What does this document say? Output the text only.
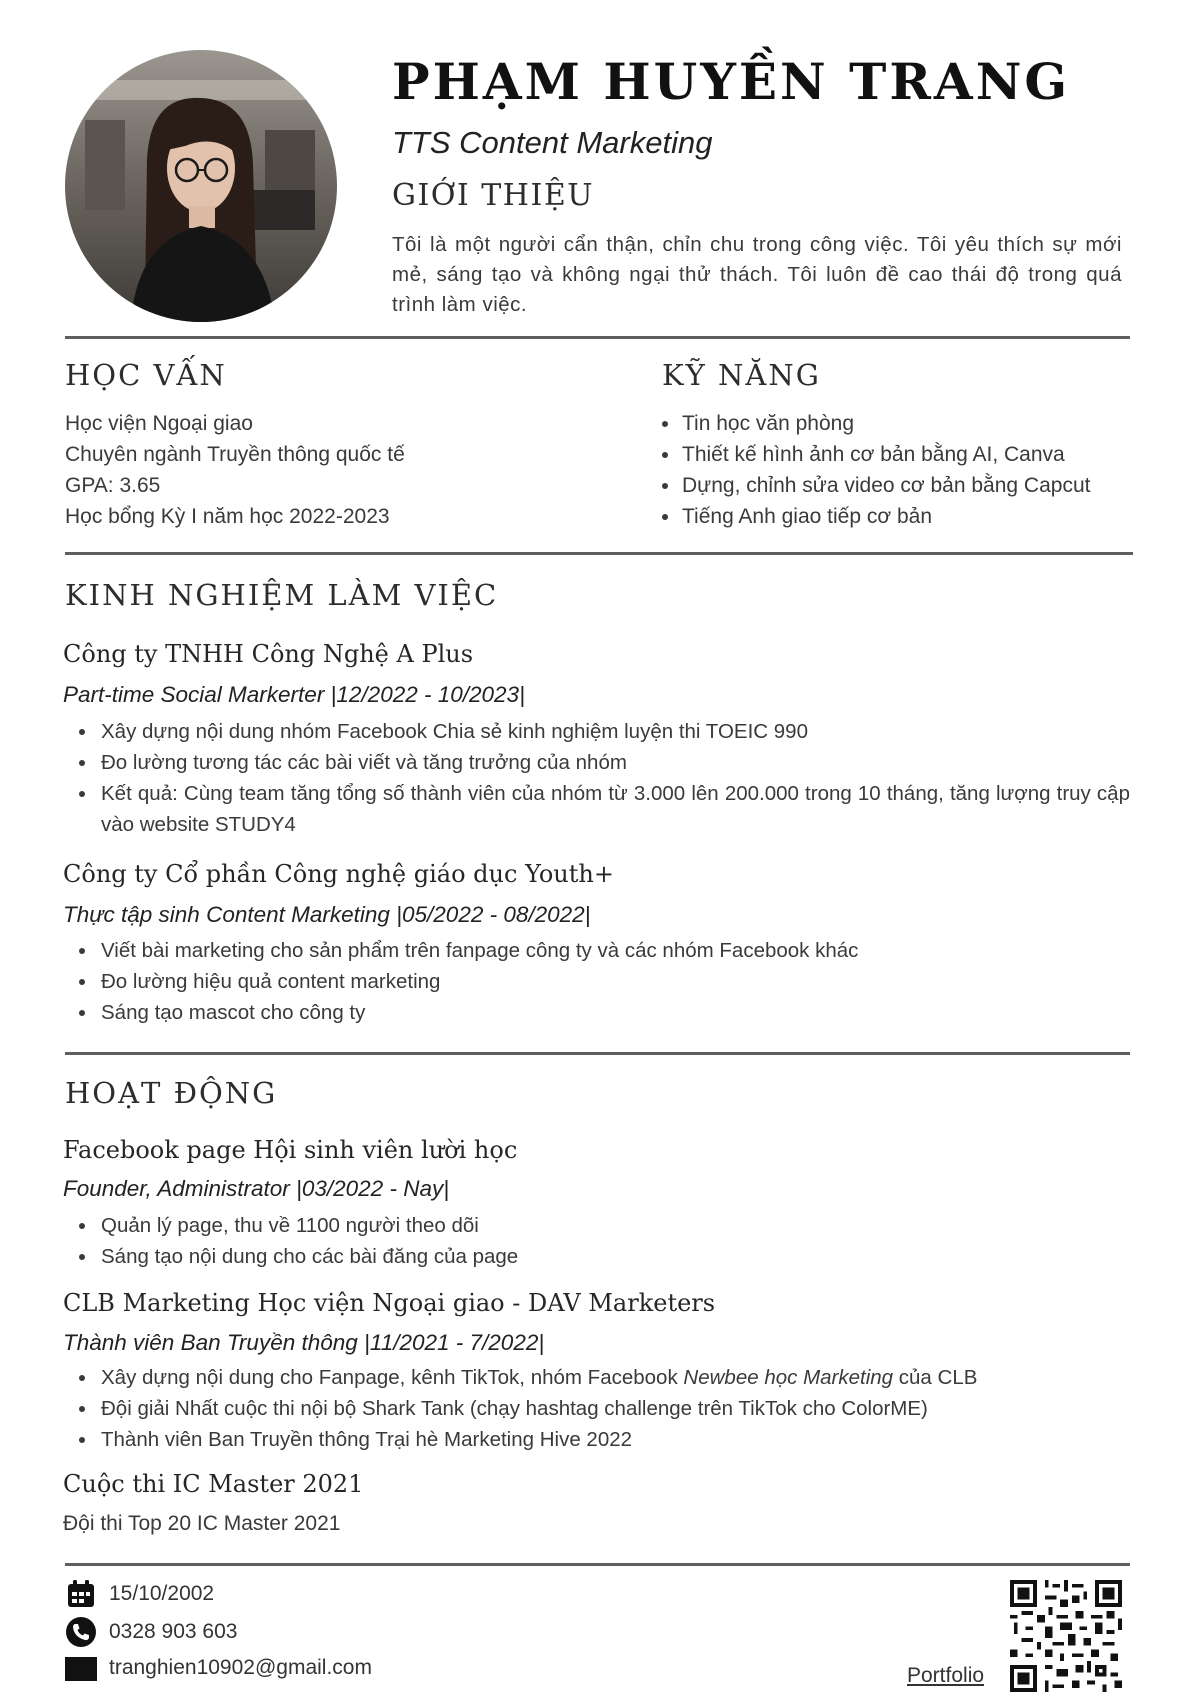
PHẠM HUYỀN TRANG
TTS Content Marketing
GIỚI THIỆU

Tôi là một người cẩn thận, chỉn chu trong công việc. Tôi yêu thích sự mới mẻ, sáng tạo và không ngại thử thách. Tôi luôn đề cao thái độ trong quá trình làm việc.

HỌC VẤN
Học viện Ngoại giao
Chuyên ngành Truyền thông quốc tế
GPA: 3.65
Học bổng Kỳ I năm học 2022-2023
KỸ NĂNG
Tin học văn phòng
Thiết kế hình ảnh cơ bản bằng AI, Canva
Dựng, chỉnh sửa video cơ bản bằng Capcut
Tiếng Anh giao tiếp cơ bản
KINH NGHIỆM LÀM VIỆC
Công ty TNHH Công Nghệ A Plus
Part-time Social Markerter |12/2022 - 10/2023|
Xây dựng nội dung nhóm Facebook Chia sẻ kinh nghiệm luyện thi TOEIC 990
Đo lường tương tác các bài viết và tăng trưởng của nhóm
Kết quả: Cùng team tăng tổng số thành viên của nhóm từ 3.000 lên 200.000 trong 10 tháng, tăng lượng truy cập vào website STUDY4
Công ty Cổ phần Công nghệ giáo dục Youth+
Thực tập sinh Content Marketing |05/2022 - 08/2022|
Viết bài marketing cho sản phẩm trên fanpage công ty và các nhóm Facebook khác
Đo lường hiệu quả content marketing
Sáng tạo mascot cho công ty
HOẠT ĐỘNG
Facebook page Hội sinh viên lười học
Founder, Administrator |03/2022 - Nay|
Quản lý page, thu về 1100 người theo dõi
Sáng tạo nội dung cho các bài đăng của page
CLB Marketing Học viện Ngoại giao - DAV Marketers
Thành viên Ban Truyền thông |11/2021 - 7/2022|
Xây dựng nội dung cho Fanpage, kênh TikTok, nhóm Facebook Newbee học Marketing của CLB
Đội giải Nhất cuộc thi nội bộ Shark Tank (chạy hashtag challenge trên TikTok cho ColorME)
Thành viên Ban Truyền thông Trại hè Marketing Hive 2022
Cuộc thi IC Master 2021
Đội thi Top 20 IC Master 2021
15/10/2002
0328 903 603
tranghien10902@gmail.com	Portfolio
